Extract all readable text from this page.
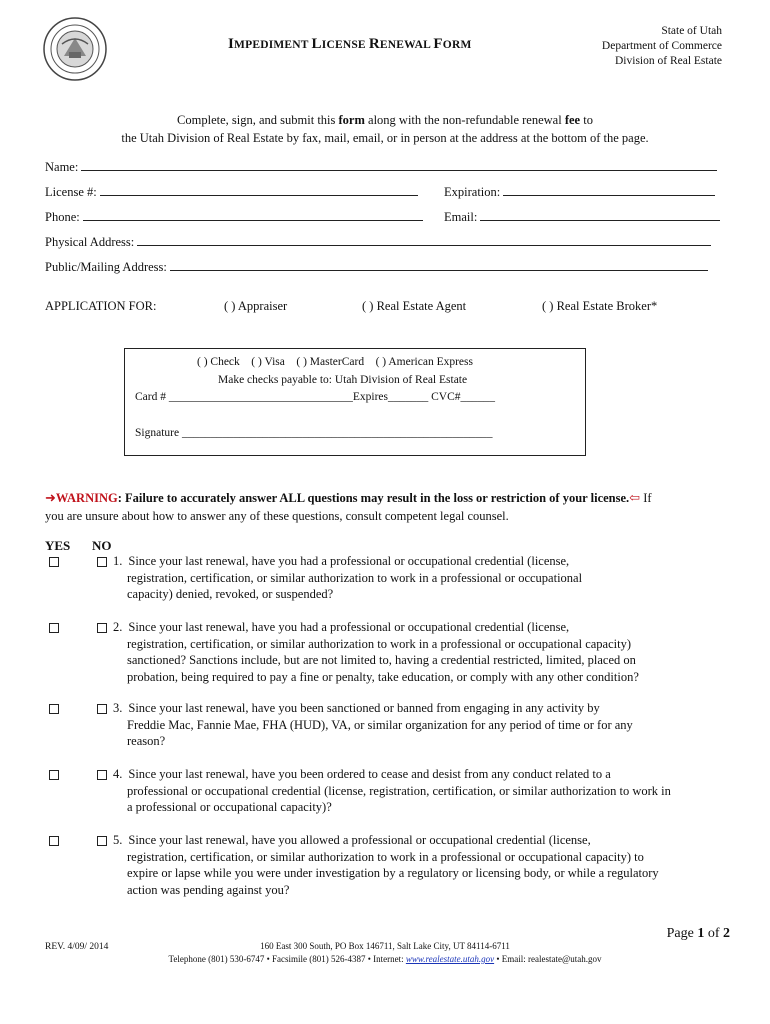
IMPEDIMENT LICENSE RENEWAL FORM
State of Utah
Department of Commerce
Division of Real Estate
Complete, sign, and submit this form along with the non-refundable renewal fee to
the Utah Division of Real Estate by fax, mail, email, or in person at the address at the bottom of the page.
Name:
License #:	Expiration:
Phone:	Email:
Physical Address:
Public/Mailing Address:
APPLICATION FOR:	( ) Appraiser	( ) Real Estate Agent	( ) Real Estate Broker*
( ) Check    ( ) Visa    ( ) MasterCard    ( ) American Express
Make checks payable to: Utah Division of Real Estate
Card # ________________________________Expires_______ CVC#______
Signature ______________________________________________________
➜WARNING: Failure to accurately answer ALL questions may result in the loss or restriction of your license.⇦ If
you are unsure about how to answer any of these questions, consult competent legal counsel.
YES NO
1. Since your last renewal, have you had a professional or occupational credential (license,
registration, certification, or similar authorization to work in a professional or occupational
capacity) denied, revoked, or suspended?
2. Since your last renewal, have you had a professional or occupational credential (license,
registration, certification, or similar authorization to work in a professional or occupational capacity)
sanctioned? Sanctions include, but are not limited to, having a credential restricted, limited, placed on
probation, being required to pay a fine or penalty, take education, or comply with any other condition?
3. Since your last renewal, have you been sanctioned or banned from engaging in any activity by
Freddie Mac, Fannie Mae, FHA (HUD), VA, or similar organization for any period of time or for any
reason?
4. Since your last renewal, have you been ordered to cease and desist from any conduct related to a
professional or occupational credential (license, registration, certification, or similar authorization to work in
a professional or occupational capacity)?
5. Since your last renewal, have you allowed a professional or occupational credential (license,
registration, certification, or similar authorization to work in a professional or occupational capacity) to
expire or lapse while you were under investigation by a regulatory or licensing body, or while a regulatory
action was pending against you?
Page 1 of 2
REV. 4/09/ 2014	160 East 300 South, PO Box 146711, Salt Lake City, UT 84114-6711
Telephone (801) 530-6747 • Facsimile (801) 526-4387 • Internet: www.realestate.utah.gov • Email: realestate@utah.gov
